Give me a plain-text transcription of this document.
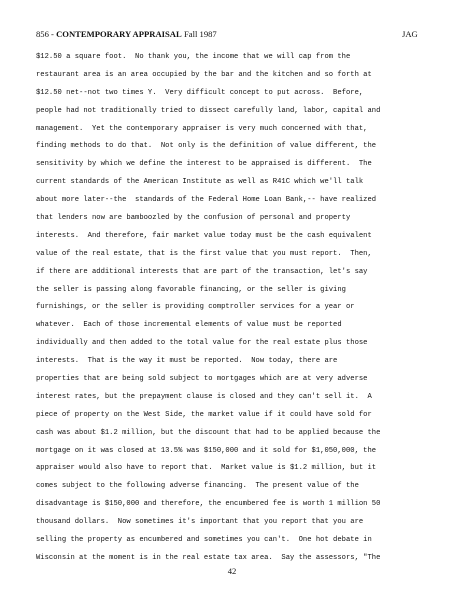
856 - CONTEMPORARY APPRAISAL Fall 1987	JAG
$12.50 a square foot.  No thank you, the income that we will cap from the
restaurant area is an area occupied by the bar and the kitchen and so forth at
$12.50 net--not two times Y.  Very difficult concept to put across.  Before,
people had not traditionally tried to dissect carefully land, labor, capital and
management.  Yet the contemporary appraiser is very much concerned with that,
finding methods to do that.  Not only is the definition of value different, the
sensitivity by which we define the interest to be appraised is different.  The
current standards of the American Institute as well as R41C which we'll talk
about more later--the  standards of the Federal Home Loan Bank,-- have realized
that lenders now are bamboozled by the confusion of personal and property
interests.  And therefore, fair market value today must be the cash equivalent
value of the real estate, that is the first value that you must report.  Then,
if there are additional interests that are part of the transaction, let's say
the seller is passing along favorable financing, or the seller is giving
furnishings, or the seller is providing comptroller services for a year or
whatever.  Each of those incremental elements of value must be reported
individually and then added to the total value for the real estate plus those
interests.  That is the way it must be reported.  Now today, there are
properties that are being sold subject to mortgages which are at very adverse
interest rates, but the prepayment clause is closed and they can't sell it.  A
piece of property on the West Side, the market value if it could have sold for
cash was about $1.2 million, but the discount that had to be applied because the
mortgage on it was closed at 13.5% was $150,000 and it sold for $1,050,000, the
appraiser would also have to report that.  Market value is $1.2 million, but it
comes subject to the following adverse financing.  The present value of the
disadvantage is $150,000 and therefore, the encumbered fee is worth 1 million 50
thousand dollars.  Now sometimes it's important that you report that you are
selling the property as encumbered and sometimes you can't.  One hot debate in
Wisconsin at the moment is in the real estate tax area.  Say the assessors, "The
42
